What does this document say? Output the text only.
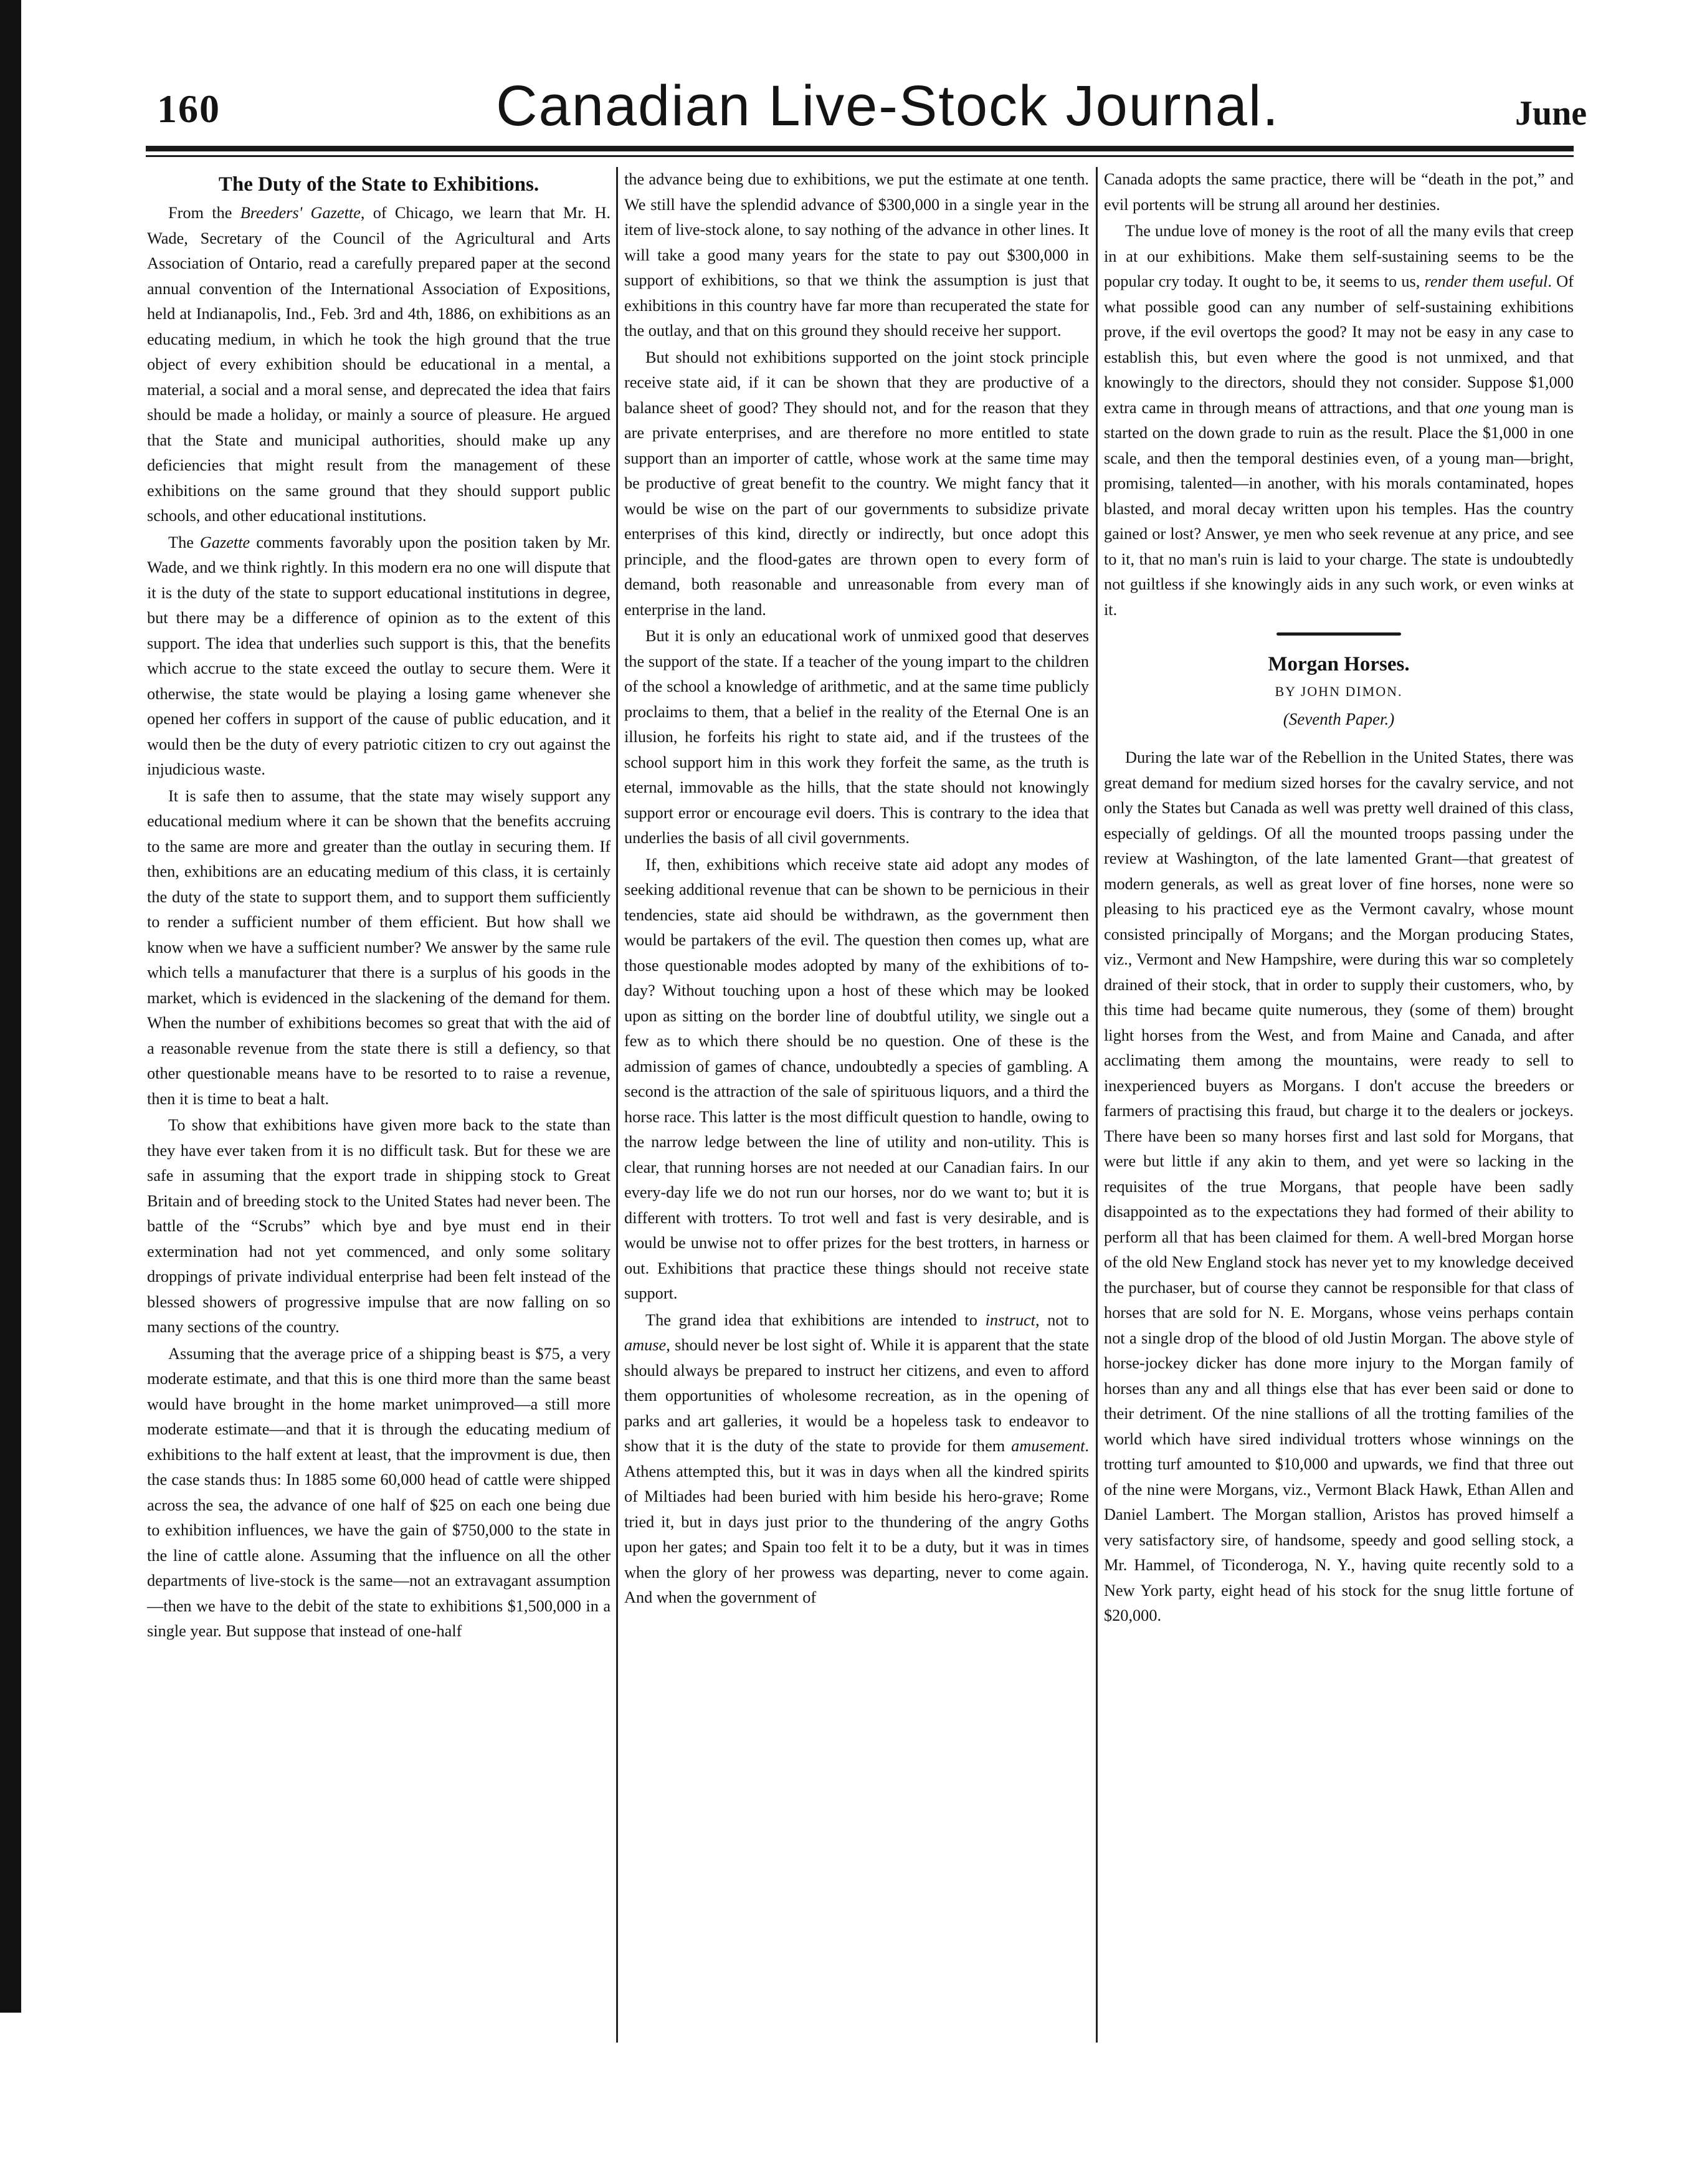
160	Canadian Live-Stock Journal.	June
The Duty of the State to Exhibitions.

From the Breeders' Gazette, of Chicago, we learn that Mr. H. Wade, Secretary of the Council of the Agricultural and Arts Association of Ontario, read a carefully prepared paper at the second annual convention of the International Association of Expositions, held at Indianapolis, Ind., Feb. 3rd and 4th, 1886, on exhibitions as an educating medium, in which he took the high ground that the true object of every exhibition should be educational in a mental, a material, a social and a moral sense, and deprecated the idea that fairs should be made a holiday, or mainly a source of pleasure. He argued that the State and municipal authorities, should make up any deficiencies that might result from the management of these exhibitions on the same ground that they should support public schools, and other educational institutions.

The Gazette comments favorably upon the position taken by Mr. Wade, and we think rightly. In this modern era no one will dispute that it is the duty of the state to support educational institutions in degree, but there may be a difference of opinion as to the extent of this support. The idea that underlies such support is this, that the benefits which accrue to the state exceed the outlay to secure them. Were it otherwise, the state would be playing a losing game whenever she opened her coffers in support of the cause of public education, and it would then be the duty of every patriotic citizen to cry out against the injudicious waste.

It is safe then to assume, that the state may wisely support any educational medium where it can be shown that the benefits accruing to the same are more and greater than the outlay in securing them. If then, exhibitions are an educating medium of this class, it is certainly the duty of the state to support them, and to support them sufficiently to render a sufficient number of them efficient. But how shall we know when we have a sufficient number? We answer by the same rule which tells a manufacturer that there is a surplus of his goods in the market, which is evidenced in the slackening of the demand for them. When the number of exhibitions becomes so great that with the aid of a reasonable revenue from the state there is still a defiency, so that other questionable means have to be resorted to to raise a revenue, then it is time to beat a halt.

To show that exhibitions have given more back to the state than they have ever taken from it is no difficult task. But for these we are safe in assuming that the export trade in shipping stock to Great Britain and of breeding stock to the United States had never been. The battle of the “Scrubs” which bye and bye must end in their extermination had not yet commenced, and only some solitary droppings of private individual enterprise had been felt instead of the blessed showers of progressive impulse that are now falling on so many sections of the country.

Assuming that the average price of a shipping beast is $75, a very moderate estimate, and that this is one third more than the same beast would have brought in the home market unimproved—a still more moderate estimate—and that it is through the educating medium of exhibitions to the half extent at least, that the improvment is due, then the case stands thus: In 1885 some 60,000 head of cattle were shipped across the sea, the advance of one half of $25 on each one being due to exhibition influences, we have the gain of $750,000 to the state in the line of cattle alone. Assuming that the influence on all the other departments of live-stock is the same—not an extravagant assumption—then we have to the debit of the state to exhibitions $1,500,000 in a single year. But suppose that instead of one-half

the advance being due to exhibitions, we put the estimate at one tenth. We still have the splendid advance of $300,000 in a single year in the item of live-stock alone, to say nothing of the advance in other lines. It will take a good many years for the state to pay out $300,000 in support of exhibitions, so that we think the assumption is just that exhibitions in this country have far more than recuperated the state for the outlay, and that on this ground they should receive her support.

But should not exhibitions supported on the joint stock principle receive state aid, if it can be shown that they are productive of a balance sheet of good? They should not, and for the reason that they are private enterprises, and are therefore no more entitled to state support than an importer of cattle, whose work at the same time may be productive of great benefit to the country. We might fancy that it would be wise on the part of our governments to subsidize private enterprises of this kind, directly or indirectly, but once adopt this principle, and the flood-gates are thrown open to every form of demand, both reasonable and unreasonable from every man of enterprise in the land.

But it is only an educational work of unmixed good that deserves the support of the state. If a teacher of the young impart to the children of the school a knowledge of arithmetic, and at the same time publicly proclaims to them, that a belief in the reality of the Eternal One is an illusion, he forfeits his right to state aid, and if the trustees of the school support him in this work they forfeit the same, as the truth is eternal, immovable as the hills, that the state should not knowingly support error or encourage evil doers. This is contrary to the idea that underlies the basis of all civil governments.

If, then, exhibitions which receive state aid adopt any modes of seeking additional revenue that can be shown to be pernicious in their tendencies, state aid should be withdrawn, as the government then would be partakers of the evil. The question then comes up, what are those questionable modes adopted by many of the exhibitions of to-day? Without touching upon a host of these which may be looked upon as sitting on the border line of doubtful utility, we single out a few as to which there should be no question. One of these is the admission of games of chance, undoubtedly a species of gambling. A second is the attraction of the sale of spirituous liquors, and a third the horse race. This latter is the most difficult question to handle, owing to the narrow ledge between the line of utility and non-utility. This is clear, that running horses are not needed at our Canadian fairs. In our every-day life we do not run our horses, nor do we want to; but it is different with trotters. To trot well and fast is very desirable, and is would be unwise not to offer prizes for the best trotters, in harness or out. Exhibitions that practice these things should not receive state support.

The grand idea that exhibitions are intended to instruct, not to amuse, should never be lost sight of. While it is apparent that the state should always be prepared to instruct her citizens, and even to afford them opportunities of wholesome recreation, as in the opening of parks and art galleries, it would be a hopeless task to endeavor to show that it is the duty of the state to provide for them amusement. Athens attempted this, but it was in days when all the kindred spirits of Miltiades had been buried with him beside his hero-grave; Rome tried it, but in days just prior to the thundering of the angry Goths upon her gates; and Spain too felt it to be a duty, but it was in times when the glory of her prowess was departing, never to come again. And when the government of

Canada adopts the same practice, there will be “death in the pot,” and evil portents will be strung all around her destinies.

The undue love of money is the root of all the many evils that creep in at our exhibitions. Make them self-sustaining seems to be the popular cry today. It ought to be, it seems to us, render them useful. Of what possible good can any number of self-sustaining exhibitions prove, if the evil overtops the good? It may not be easy in any case to establish this, but even where the good is not unmixed, and that knowingly to the directors, should they not consider. Suppose $1,000 extra came in through means of attractions, and that one young man is started on the down grade to ruin as the result. Place the $1,000 in one scale, and then the temporal destinies even, of a young man—bright, promising, talented—in another, with his morals contaminated, hopes blasted, and moral decay written upon his temples. Has the country gained or lost? Answer, ye men who seek revenue at any price, and see to it, that no man's ruin is laid to your charge. The state is undoubtedly not guiltless if she knowingly aids in any such work, or even winks at it.

Morgan Horses.
BY JOHN DIMON.
(Seventh Paper.)

During the late war of the Rebellion in the United States, there was great demand for medium sized horses for the cavalry service, and not only the States but Canada as well was pretty well drained of this class, especially of geldings. Of all the mounted troops passing under the review at Washington, of the late lamented Grant—that greatest of modern generals, as well as great lover of fine horses, none were so pleasing to his practiced eye as the Vermont cavalry, whose mount consisted principally of Morgans; and the Morgan producing States, viz., Vermont and New Hampshire, were during this war so completely drained of their stock, that in order to supply their customers, who, by this time had became quite numerous, they (some of them) brought light horses from the West, and from Maine and Canada, and after acclimating them among the mountains, were ready to sell to inexperienced buyers as Morgans. I don't accuse the breeders or farmers of practising this fraud, but charge it to the dealers or jockeys. There have been so many horses first and last sold for Morgans, that were but little if any akin to them, and yet were so lacking in the requisites of the true Morgans, that people have been sadly disappointed as to the expectations they had formed of their ability to perform all that has been claimed for them. A well-bred Morgan horse of the old New England stock has never yet to my knowledge deceived the purchaser, but of course they cannot be responsible for that class of horses that are sold for N. E. Morgans, whose veins perhaps contain not a single drop of the blood of old Justin Morgan. The above style of horse-jockey dicker has done more injury to the Morgan family of horses than any and all things else that has ever been said or done to their detriment. Of the nine stallions of all the trotting families of the world which have sired individual trotters whose winnings on the trotting turf amounted to $10,000 and upwards, we find that three out of the nine were Morgans, viz., Vermont Black Hawk, Ethan Allen and Daniel Lambert. The Morgan stallion, Aristos has proved himself a very satisfactory sire, of handsome, speedy and good selling stock, a Mr. Hammel, of Ticonderoga, N. Y., having quite recently sold to a New York party, eight head of his stock for the snug little fortune of $20,000.
